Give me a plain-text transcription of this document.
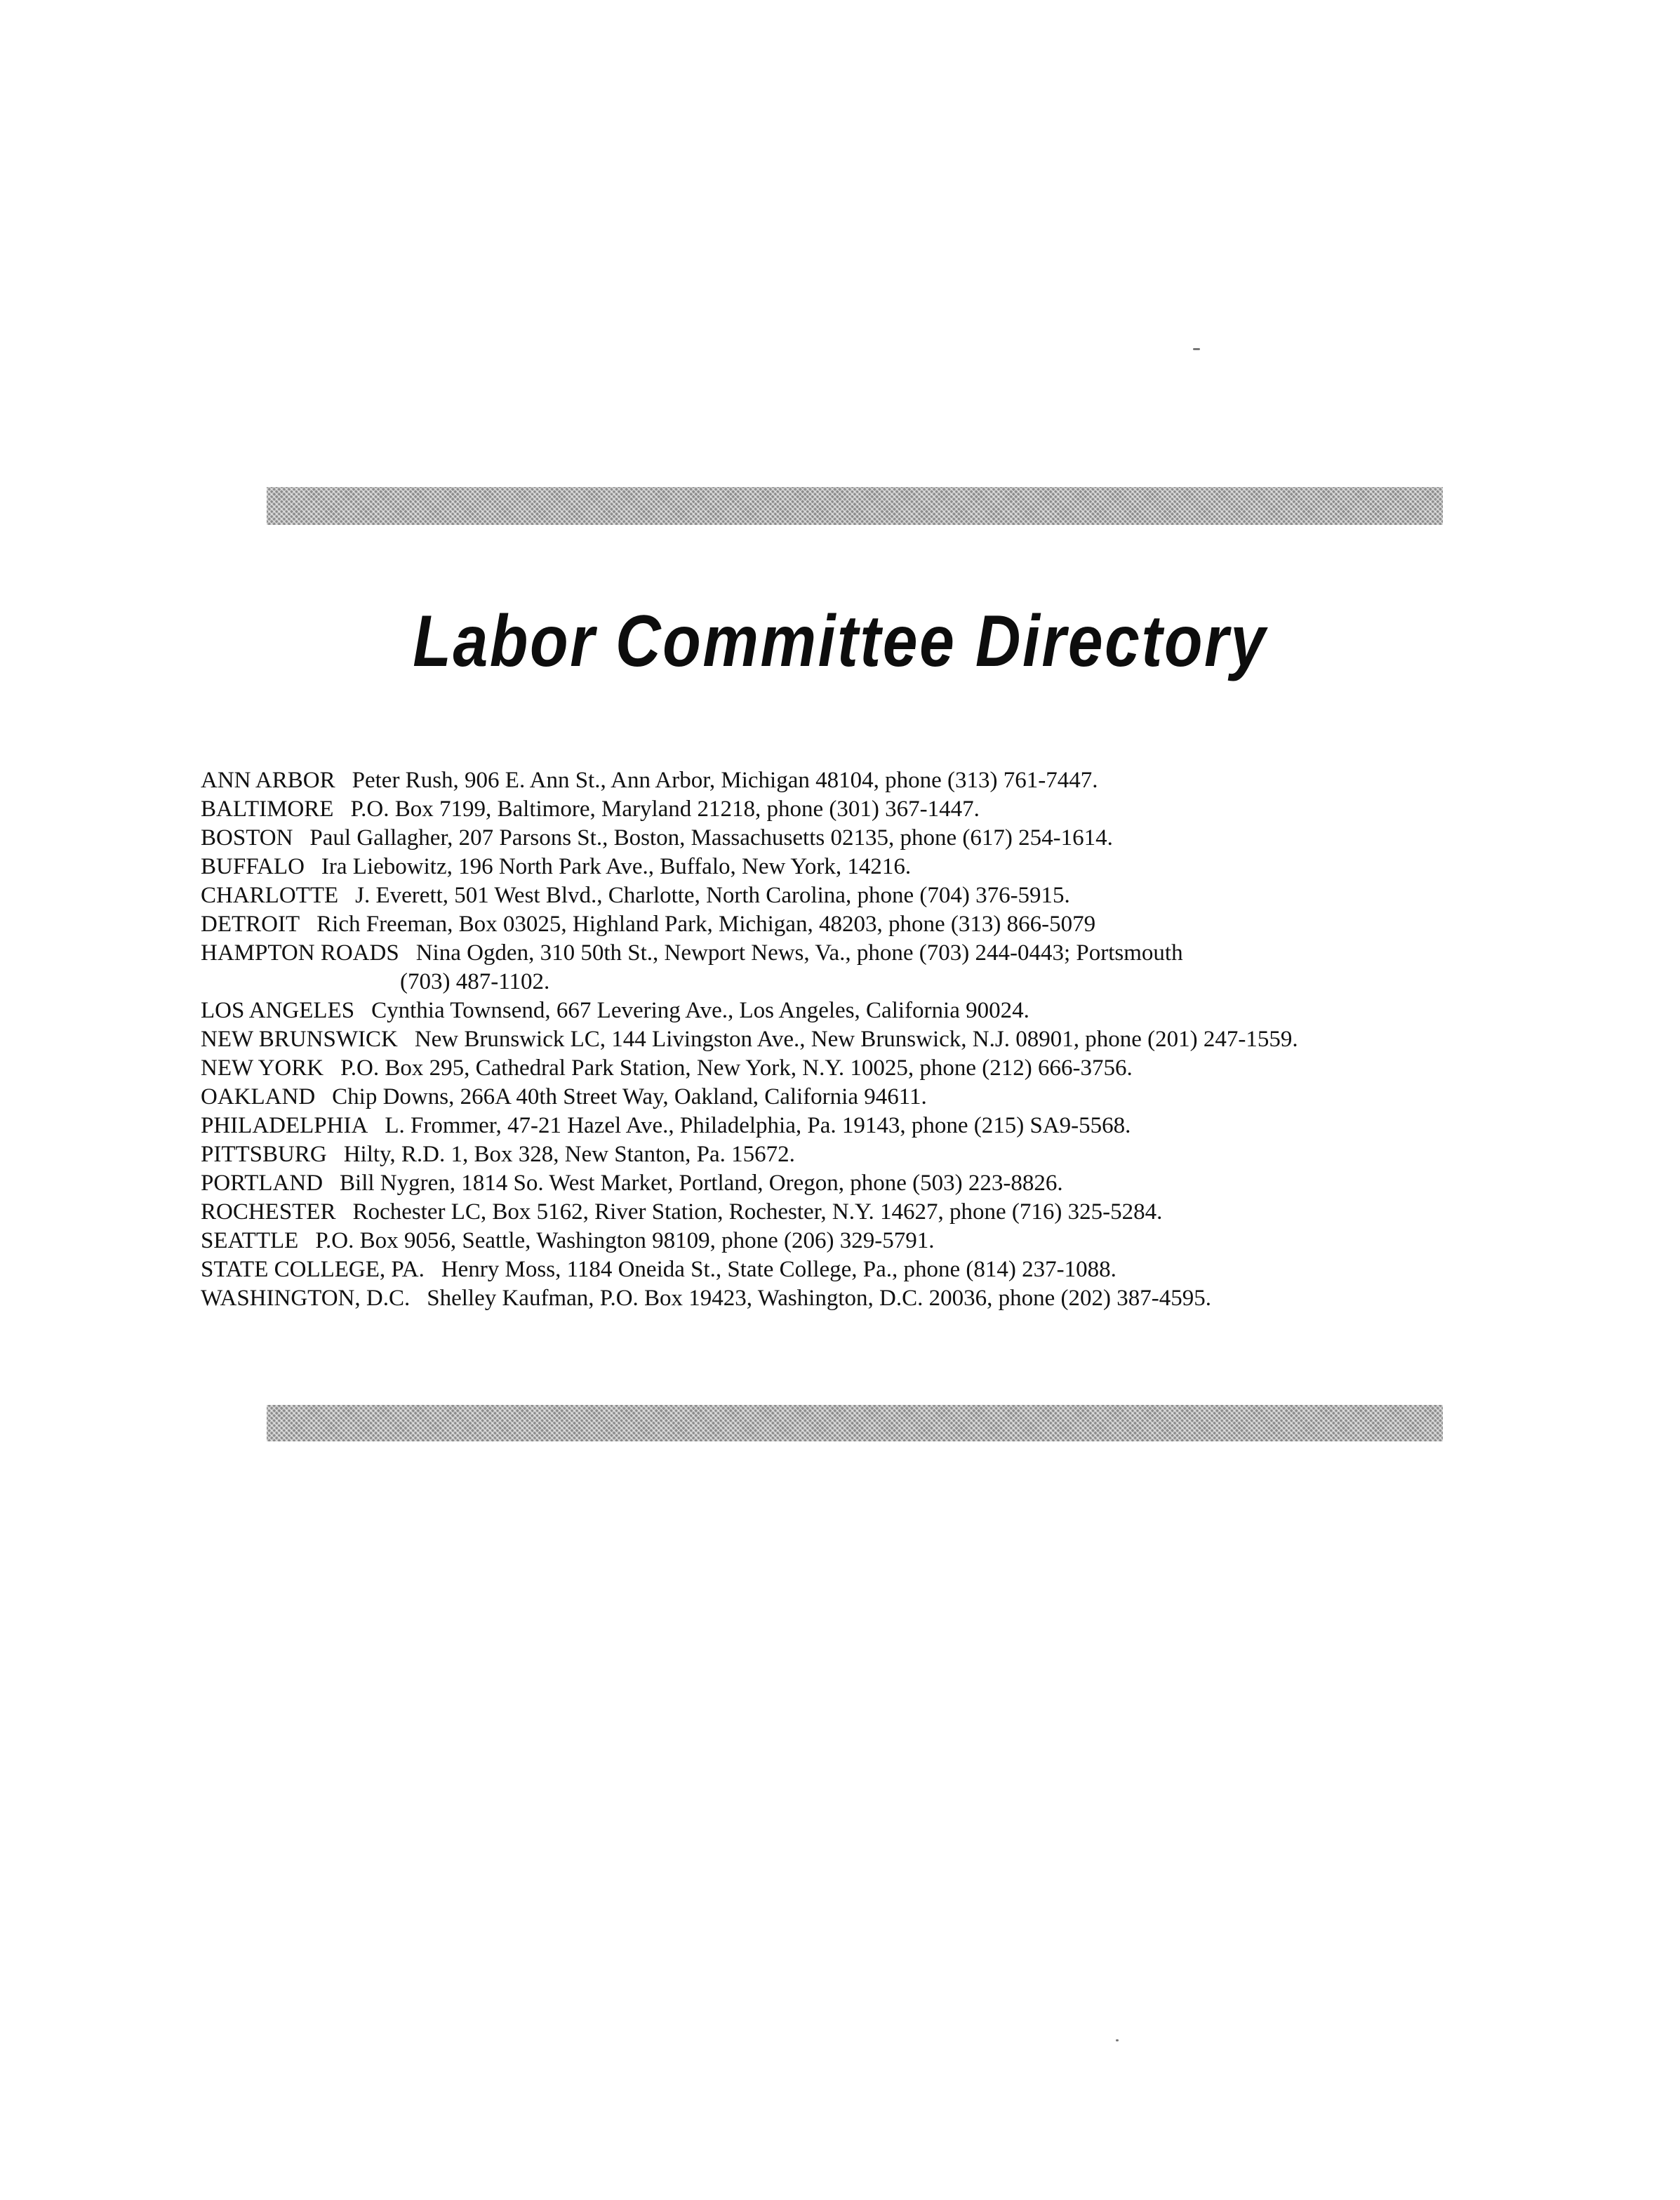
Labor Committee Directory
ANN ARBOR Peter Rush, 906 E. Ann St., Ann Arbor, Michigan 48104, phone (313) 761-7447.
BALTIMORE P.O. Box 7199, Baltimore, Maryland 21218, phone (301) 367-1447.
BOSTON Paul Gallagher, 207 Parsons St., Boston, Massachusetts 02135, phone (617) 254-1614.
BUFFALO Ira Liebowitz, 196 North Park Ave., Buffalo, New York, 14216.
CHARLOTTE J. Everett, 501 West Blvd., Charlotte, North Carolina, phone (704) 376-5915.
DETROIT Rich Freeman, Box 03025, Highland Park, Michigan, 48203, phone (313) 866-5079
HAMPTON ROADS Nina Ogden, 310 50th St., Newport News, Va., phone (703) 244-0443; Portsmouth
(703) 487-1102.
LOS ANGELES Cynthia Townsend, 667 Levering Ave., Los Angeles, California 90024.
NEW BRUNSWICK New Brunswick LC, 144 Livingston Ave., New Brunswick, N.J. 08901, phone (201) 247-1559.
NEW YORK P.O. Box 295, Cathedral Park Station, New York, N.Y. 10025, phone (212) 666-3756.
OAKLAND Chip Downs, 266A 40th Street Way, Oakland, California 94611.
PHILADELPHIA L. Frommer, 47-21 Hazel Ave., Philadelphia, Pa. 19143, phone (215) SA9-5568.
PITTSBURG Hilty, R.D. 1, Box 328, New Stanton, Pa. 15672.
PORTLAND Bill Nygren, 1814 So. West Market, Portland, Oregon, phone (503) 223-8826.
ROCHESTER Rochester LC, Box 5162, River Station, Rochester, N.Y. 14627, phone (716) 325-5284.
SEATTLE P.O. Box 9056, Seattle, Washington 98109, phone (206) 329-5791.
STATE COLLEGE, PA. Henry Moss, 1184 Oneida St., State College, Pa., phone (814) 237-1088.
WASHINGTON, D.C. Shelley Kaufman, P.O. Box 19423, Washington, D.C. 20036, phone (202) 387-4595.
